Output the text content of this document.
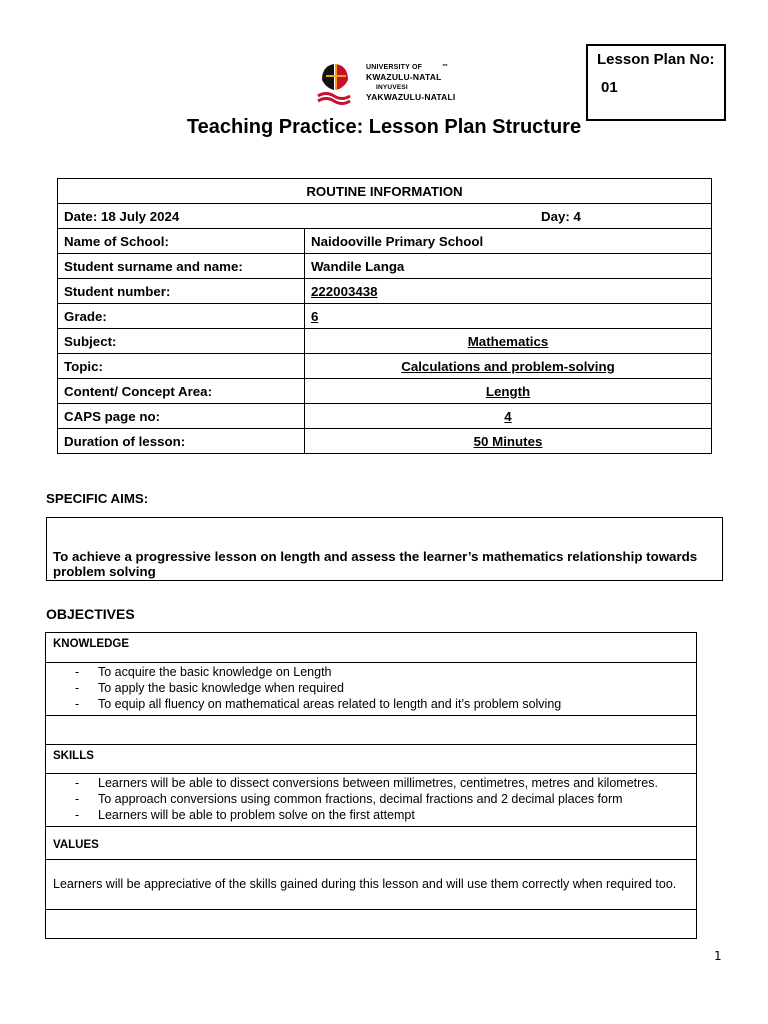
Lesson Plan No:
01
UNIVERSITY OF
KWAZULU-NATAL
INYUVESI
YAKWAZULU-NATALI
™
Teaching Practice: Lesson Plan Structure
ROUTINE INFORMATION	
Date: 18 July 2024 Day: 4	

Name of School:	Naidooville Primary School
Student surname and name:	Wandile Langa
Student number:	222003438
Grade:	6
Subject:	Mathematics
Topic:	Calculations and problem-solving
Content/ Concept Area:	Length
CAPS page no:	4
Duration of lesson:	50 Minutes
SPECIFIC AIMS:
To achieve a progressive lesson on length and assess the learner’s mathematics relationship towards problem solving
OBJECTIVES
KNOWLEDGE

- To acquire the basic knowledge on Length
- To apply the basic knowledge when required
- To equip all fluency on mathematical areas related to length and it’s problem solving

SKILLS

- Learners will be able to dissect conversions between millimetres, centimetres, metres and kilometres.
- To approach conversions using common fractions, decimal fractions and 2 decimal places form
- Learners will be able to problem solve on the first attempt

VALUES
Learners will be appreciative of the skills gained during this lesson and will use them correctly when required too.

1
